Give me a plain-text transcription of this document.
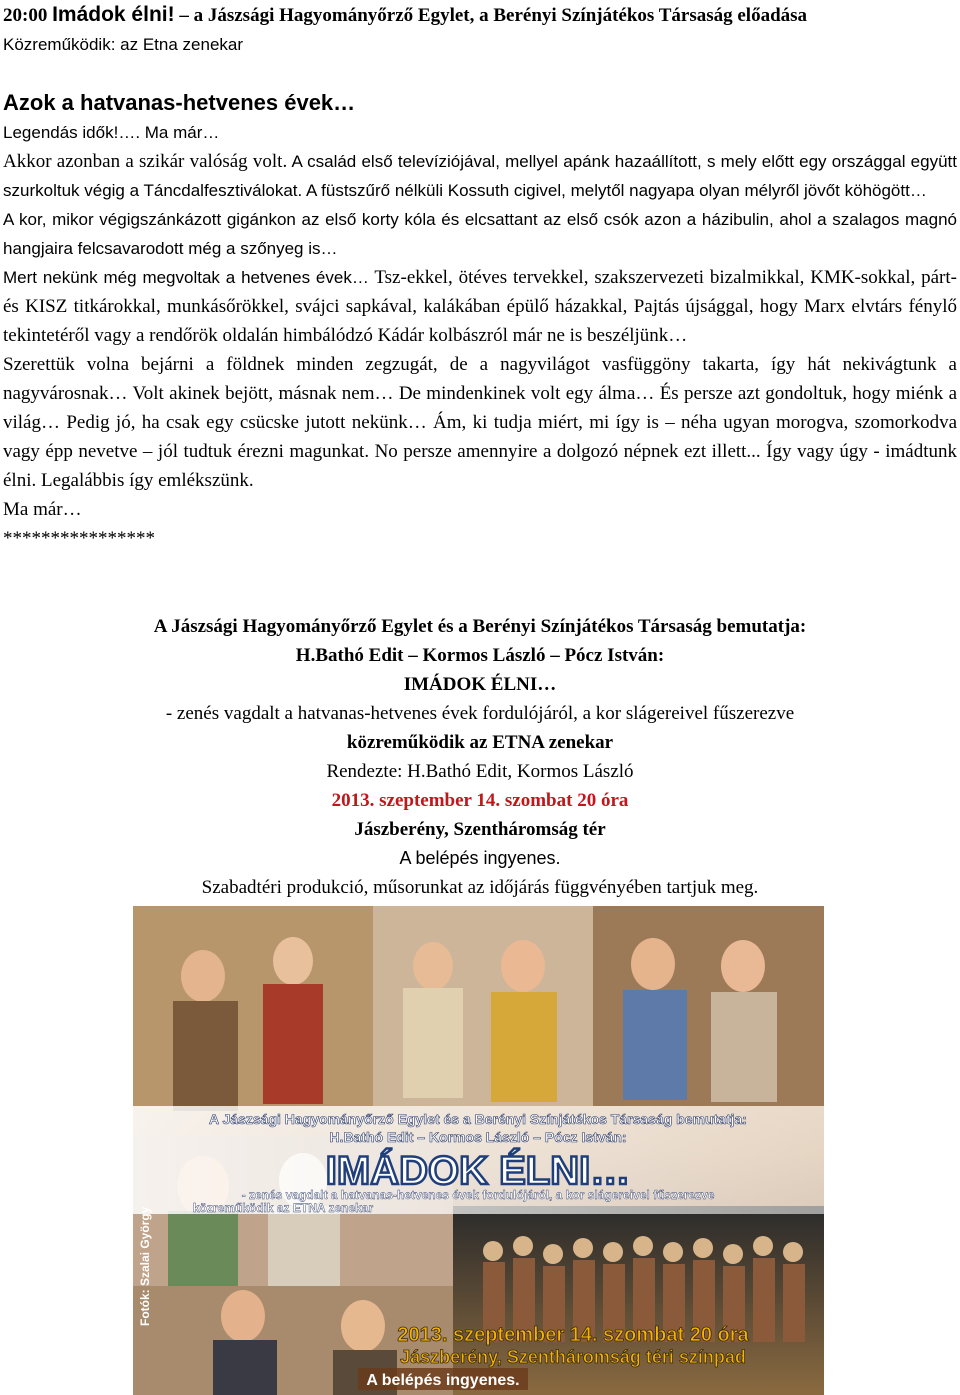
20:00 Imádok élni! – a Jászsági Hagyományőrző Egylet, a Berényi Színjátékos Társaság előadása
Közreműködik: az Etna zenekar
Azok a hatvanas-hetvenes évek…

Legendás idők!…. Ma már…

Akkor azonban a szikár valóság volt. A család első televíziójával, mellyel apánk hazaállított, s mely előtt egy országgal együtt szurkoltuk végig a Táncdalfesztiválokat. A füstszűrő nélküli Kossuth cigivel, melytől nagyapa olyan mélyről jövőt köhögött…

A kor, mikor végigszánkázott gigánkon az első korty kóla és elcsattant az első csók azon a házibulin, ahol a szalagos magnó hangjaira felcsavarodott még a szőnyeg is…

Mert nekünk még megvoltak a hetvenes évek… Tsz-ekkel, ötéves tervekkel, szakszervezeti bizalmikkal, KMK-sokkal, párt- és KISZ titkárokkal, munkásőrökkel, svájci sapkával, kalákában épülő házakkal, Pajtás újsággal, hogy Marx elvtárs fénylő tekintetéről vagy a rendőrök oldalán himbálódzó Kádár kolbászról már ne is beszéljünk…

Szerettük volna bejárni a földnek minden zegzugát, de a nagyvilágot vasfüggöny takarta, így hát nekivágtunk a nagyvárosnak… Volt akinek bejött, másnak nem… De mindenkinek volt egy álma… És persze azt gondoltuk, hogy miénk a világ… Pedig jó, ha csak egy csücske jutott nekünk… Ám, ki tudja miért, mi így is – néha ugyan morogva, szomorkodva vagy épp nevetve – jól tudtuk érezni magunkat. No persze amennyire a dolgozó népnek ezt illett... Így vagy úgy - imádtunk élni. Legalábbis így emlékszünk.

Ma már…

****************

A Jászsági Hagyományőrző Egylet és a Berényi Színjátékos Társaság bemutatja:
H.Bathó Edit – Kormos László – Pócz István:
IMÁDOK ÉLNI…
- zenés vagdalt a hatvanas-hetvenes évek fordulójáról, a kor slágereivel fűszerezve
közreműködik az ETNA zenekar
Rendezte: H.Bathó Edit, Kormos László
2013. szeptember 14. szombat 20 óra
Jászberény, Szentháromság tér
A belépés ingyenes.
Szabadtéri produkció, műsorunkat az időjárás függvényében tartjuk meg.
A Jászsági Hagyományőrző Egylet és a Berényi Színjátékos Társaság bemutatja:
H.Bathó Edit – Kormos László – Pócz István:
IMÁDOK ÉLNI…
- zenés vagdalt a hatvanas-hetvenes évek fordulójáról, a kor slágereivel fűszerezve
közreműködik az ETNA zenekar
Fotók: Szalai György
2013. szeptember 14. szombat 20 óra
Jászberény, Szentháromság téri színpad
A belépés ingyenes.
